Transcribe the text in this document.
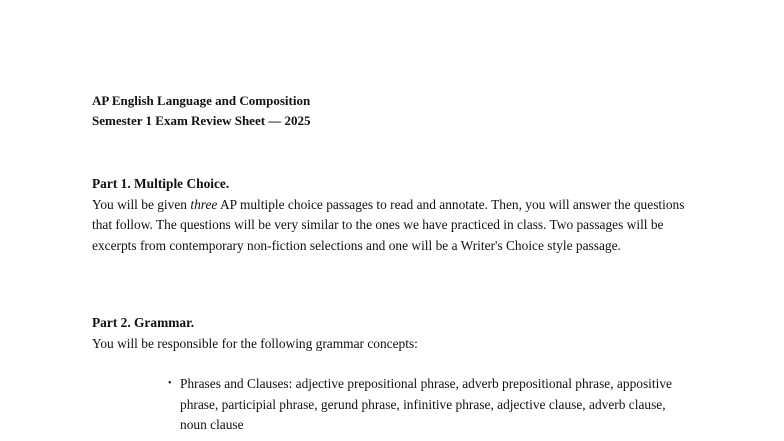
AP English Language and Composition
Semester 1 Exam Review Sheet — 2025
Part 1. Multiple Choice.

You will be given three AP multiple choice passages to read and annotate. Then, you will answer the questions that follow. The questions will be very similar to the ones we have practiced in class. Two passages will be excerpts from contemporary non-fiction selections and one will be a Writer's Choice style passage.

Part 2. Grammar.

You will be responsible for the following grammar concepts:

• Phrases and Clauses: adjective prepositional phrase, adverb prepositional phrase, appositive phrase, participial phrase, gerund phrase, infinitive phrase, adjective clause, adverb clause, noun clause
